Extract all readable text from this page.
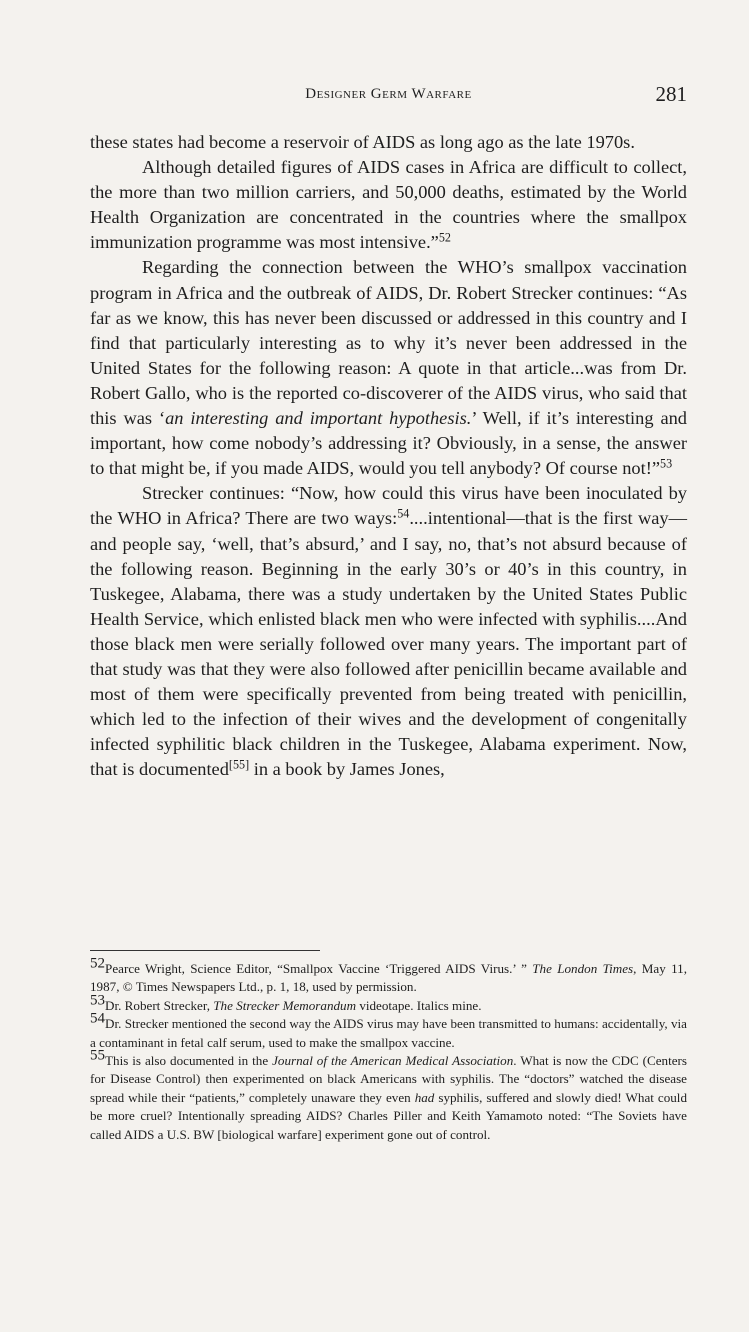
Designer Germ Warfare	281

these states had become a reservoir of AIDS as long ago as the late 1970s.

Although detailed figures of AIDS cases in Africa are difficult to collect, the more than two million carriers, and 50,000 deaths, estimated by the World Health Organization are concentrated in the countries where the smallpox immunization programme was most intensive.”$^{52}$

Regarding the connection between the WHO’s smallpox vaccination program in Africa and the outbreak of AIDS, Dr. Robert Strecker continues: “As far as we know, this has never been discussed or addressed in this country and I find that particularly interesting as to why it’s never been addressed in the United States for the following reason: A quote in that article...was from Dr. Robert Gallo, who is the reported co-discoverer of the AIDS virus, who said that this was ‘an interesting and important hypothesis.’ Well, if it’s interesting and important, how come nobody’s addressing it? Obviously, in a sense, the answer to that might be, if you made AIDS, would you tell anybody? Of course not!”$^{53}$

Strecker continues: “Now, how could this virus have been inoculated by the WHO in Africa? There are two ways:$^{54}$....intentional—that is the first way—and people say, ‘well, that’s absurd,’ and I say, no, that’s not absurd because of the following reason. Beginning in the early 30’s or 40’s in this country, in Tuskegee, Alabama, there was a study undertaken by the United States Public Health Service, which enlisted black men who were infected with syphilis....And those black men were serially followed over many years. The important part of that study was that they were also followed after penicillin became available and most of them were specifically prevented from being treated with penicillin, which led to the infection of their wives and the development of congenitally infected syphilitic black children in the Tuskegee, Alabama experiment. Now, that is documented[55] in a book by James Jones,

$^{52}$Pearce Wright, Science Editor, “Smallpox Vaccine ‘Triggered AIDS Virus.’ ” The London Times, May 11, 1987, © Times Newspapers Ltd., p. 1, 18, used by permission.

$^{53}$Dr. Robert Strecker, The Strecker Memorandum videotape. Italics mine.

$^{54}$Dr. Strecker mentioned the second way the AIDS virus may have been transmitted to humans: accidentally, via a contaminant in fetal calf serum, used to make the smallpox vaccine.

$^{55}$This is also documented in the Journal of the American Medical Association. What is now the CDC (Centers for Disease Control) then experimented on black Americans with syphilis. The “doctors” watched the disease spread while their “patients,” completely unaware they even had syphilis, suffered and slowly died! What could be more cruel? Intentionally spreading AIDS? Charles Piller and Keith Yamamoto noted: “The Soviets have called AIDS a U.S. BW [biological warfare] experiment gone out of control.
